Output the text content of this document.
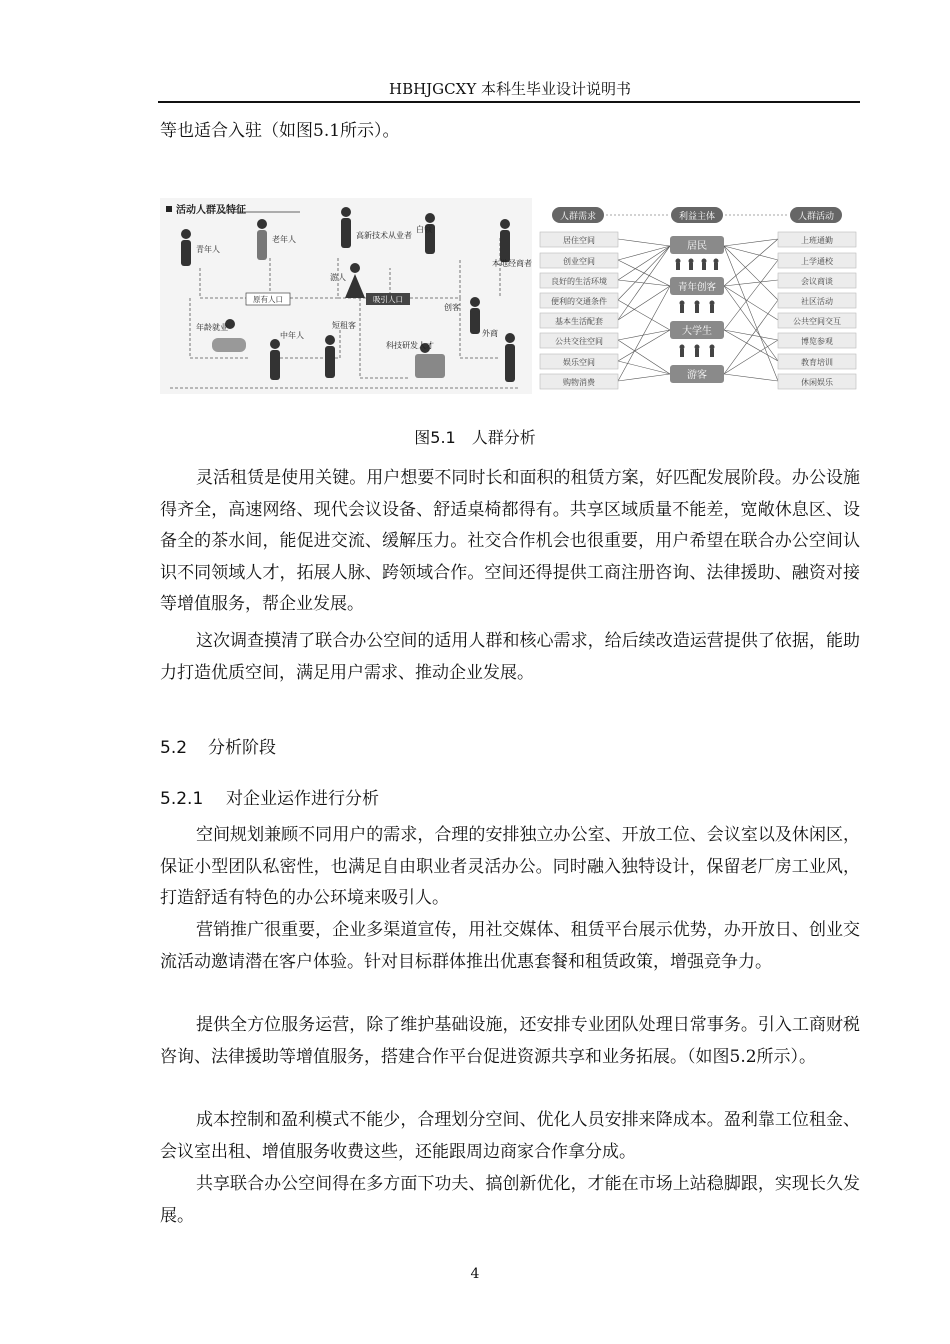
HBHJGCXY 本科生毕业设计说明书

等也适合入驻（如图5.1所示）。

活动人群及特征
青年人
老年人	高新技术从业者
本地经商者
白领
创客
外商
科技研发人才
短租客
游人
中年人
年龄就业
原有人口	吸引人口
人群需求	利益主体	人群活动
居住空间
创业空间
良好的生活环境
便利的交通条件
基本生活配套
公共交往空间
娱乐空间
购物消费
居民
青年创客
大学生
游客
上班通勤
上学通校
会议商谈
社区活动
公共空间交互
博览参观
教育培训
休闲娱乐
图5.1　人群分析

灵活租赁是使用关键。用户想要不同时长和面积的租赁方案，好匹配发展阶段。办公设施得齐全，高速网络、现代会议设备、舒适桌椅都得有。共享区域质量不能差，宽敞休息区、设备全的茶水间，能促进交流、缓解压力。社交合作机会也很重要，用户希望在联合办公空间认识不同领域人才，拓展人脉、跨领域合作。空间还得提供工商注册咨询、法律援助、融资对接等增值服务，帮企业发展。

这次调查摸清了联合办公空间的适用人群和核心需求，给后续改造运营提供了依据，能助力打造优质空间，满足用户需求、推动企业发展。

5.2 分析阶段
5.2.1 对企业运作进行分析

空间规划兼顾不同用户的需求，合理的安排独立办公室、开放工位、会议室以及休闲区，保证小型团队私密性，也满足自由职业者灵活办公。同时融入独特设计，保留老厂房工业风，打造舒适有特色的办公环境来吸引人。

营销推广很重要，企业多渠道宣传，用社交媒体、租赁平台展示优势，办开放日、创业交流活动邀请潜在客户体验。针对目标群体推出优惠套餐和租赁政策，增强竞争力。

提供全方位服务运营，除了维护基础设施，还安排专业团队处理日常事务。引入工商财税咨询、法律援助等增值服务，搭建合作平台促进资源共享和业务拓展。（如图5.2所示）。

成本控制和盈利模式不能少，合理划分空间、优化人员安排来降成本。盈利靠工位租金、会议室出租、增值服务收费这些，还能跟周边商家合作拿分成。

共享联合办公空间得在多方面下功夫、搞创新优化，才能在市场上站稳脚跟，实现长久发展。

4
